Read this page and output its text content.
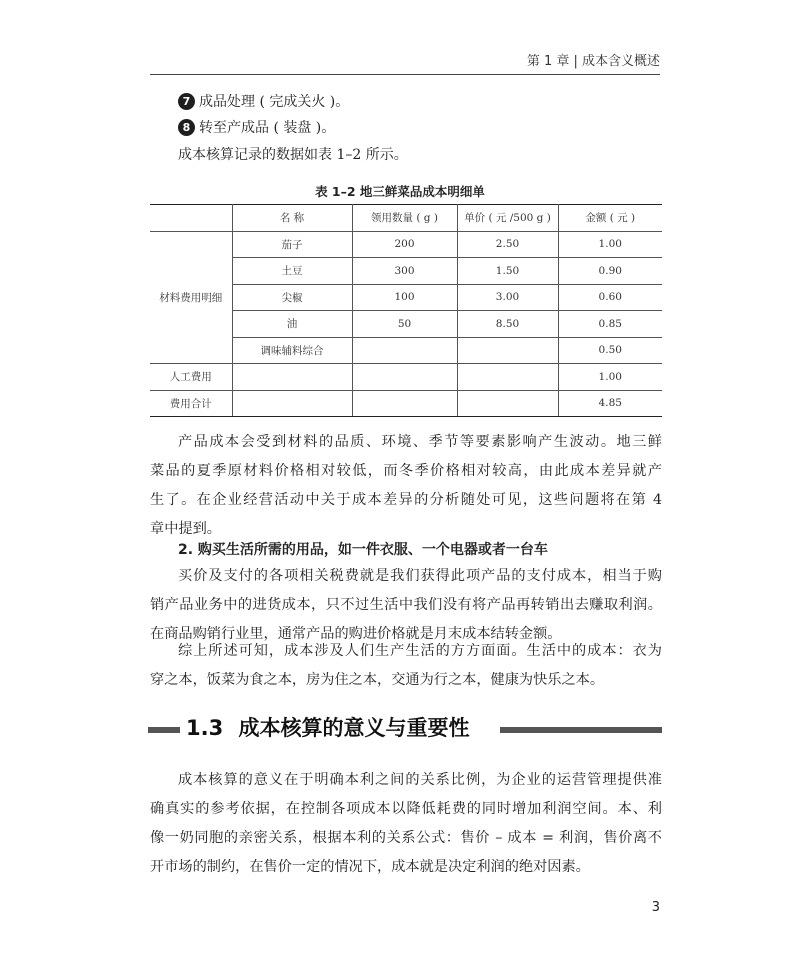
第 1 章 | 成本含义概述
7 成品处理 ( 完成关火 )。
8 转至产成品 ( 装盘 )。
成本核算记录的数据如表 1–2 所示。
表 1–2 地三鲜菜品成本明细单
	名 称	领用数量 ( g )	单价 ( 元 /500 g )	金额 ( 元 )
材料费用明细	茄子	200	2.50	1.00
	土豆	300	1.50	0.90
	尖椒	100	3.00	0.60
	油	50	8.50	0.85
	调味辅料综合			0.50
人工费用				1.00
费用合计				4.85
产品成本会受到材料的品质、环境、季节等要素影响产生波动。地三鲜
菜品的夏季原材料价格相对较低，而冬季价格相对较高，由此成本差异就产
生了。在企业经营活动中关于成本差异的分析随处可见，这些问题将在第 4
章中提到。
2. 购买生活所需的用品，如一件衣服、一个电器或者一台车
买价及支付的各项相关税费就是我们获得此项产品的支付成本，相当于购
销产品业务中的进货成本，只不过生活中我们没有将产品再转销出去赚取利润。
在商品购销行业里，通常产品的购进价格就是月末成本结转金额。
综上所述可知，成本涉及人们生产生活的方方面面。生活中的成本：衣为
穿之本，饭菜为食之本，房为住之本，交通为行之本，健康为快乐之本。
1.3 成本核算的意义与重要性
成本核算的意义在于明确本利之间的关系比例，为企业的运营管理提供准
确真实的参考依据，在控制各项成本以降低耗费的同时增加利润空间。本、利
像一奶同胞的亲密关系，根据本利的关系公式：售价 – 成本 = 利润，售价离不
开市场的制约，在售价一定的情况下，成本就是决定利润的绝对因素。
3
